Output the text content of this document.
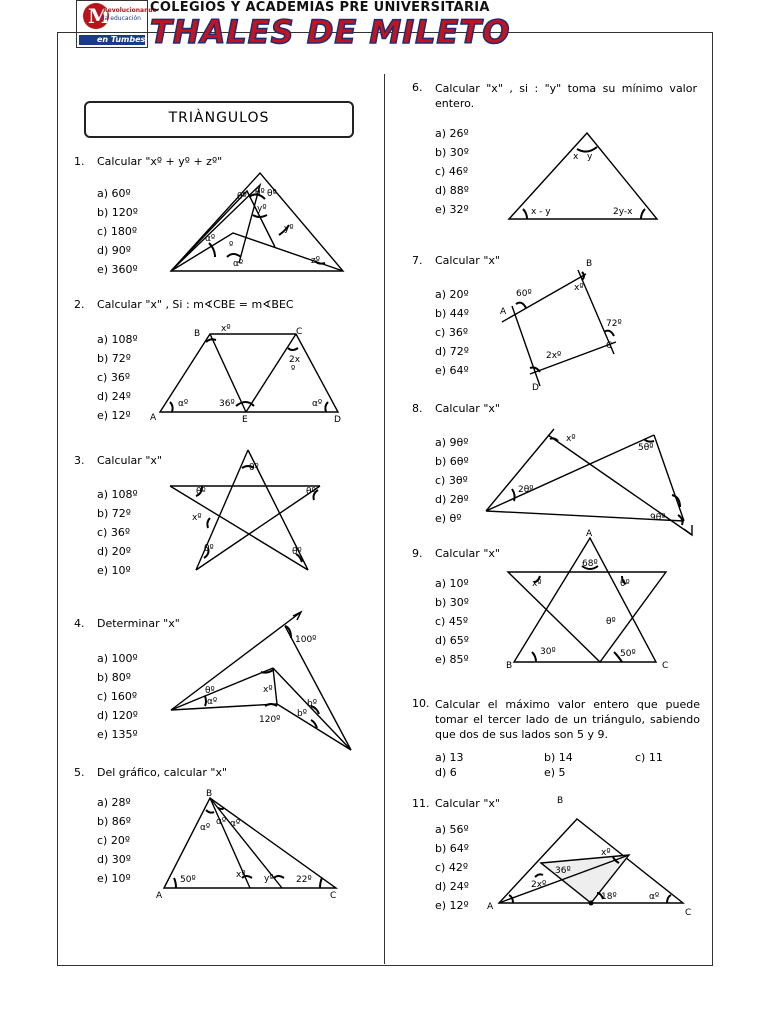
M
Revolucionando
la educación
en Tumbes
COLEGIOS Y ACADEMIAS PRE UNIVERSITARIA
THALES DE MILETO
TRIÀNGULOS
1. Calcular "xº + yº + zº"
a) 60º
b) 120º
c) 180º
d) 90º
e) 360º
θº θº θº
yº
yº
αº
º
αº	zº
2. Calcular "x" , Si : m∢CBE = m∢BEC
a) 108º
b) 72º
c) 36º
d) 24º
e) 12º
B	C
A	E	D
xº
2x
º
αº	36º	αº
3. Calcular "x"
a) 108º
b) 72º
c) 36º
d) 20º
e) 10º
θº
θº	θº
xº
θº	θº
4. Determinar "x"
a) 100º
b) 80º
c) 160º
d) 120º
e) 135º
100º
xº
120º
θº
αº	bº
bº
5. Del gráfico, calcular "x"
a) 28º
b) 86º
c) 20º
d) 30º
e) 10º
B
A	C
αº
αº αº
50º	xº yº 22º
6. Calcular "x" , si : "y" toma su mínimo valor entero.
a) 26º
b) 30º
c) 46º
d) 88º
e) 32º
x y
x - y	2y-x
7. Calcular "x"
a) 20º
b) 44º
c) 36º
d) 72º
e) 64º
B
A
C
D
60º
xº
72º
2xº
8. Calcular "x"
a) 9θº
b) 6θº
c) 3θº
d) 2θº
e) θº
xº
2θº
5θº
9θº
9. Calcular "x"
a) 10º
b) 30º
c) 45º
d) 65º
e) 85º
A
B	C
68º
xº	θº
θº
30º	50º
10. Calcular el máximo valor entero que puede tomar el tercer lado de un triángulo, sabiendo que dos de sus lados son 5 y 9.
a) 13	b) 14	c) 11
d) 6	e) 5
11. Calcular "x"
a) 56º
b) 64º
c) 42º
d) 24º
e) 12º
B
A
C
2xº
36º
xº
18º	αº
